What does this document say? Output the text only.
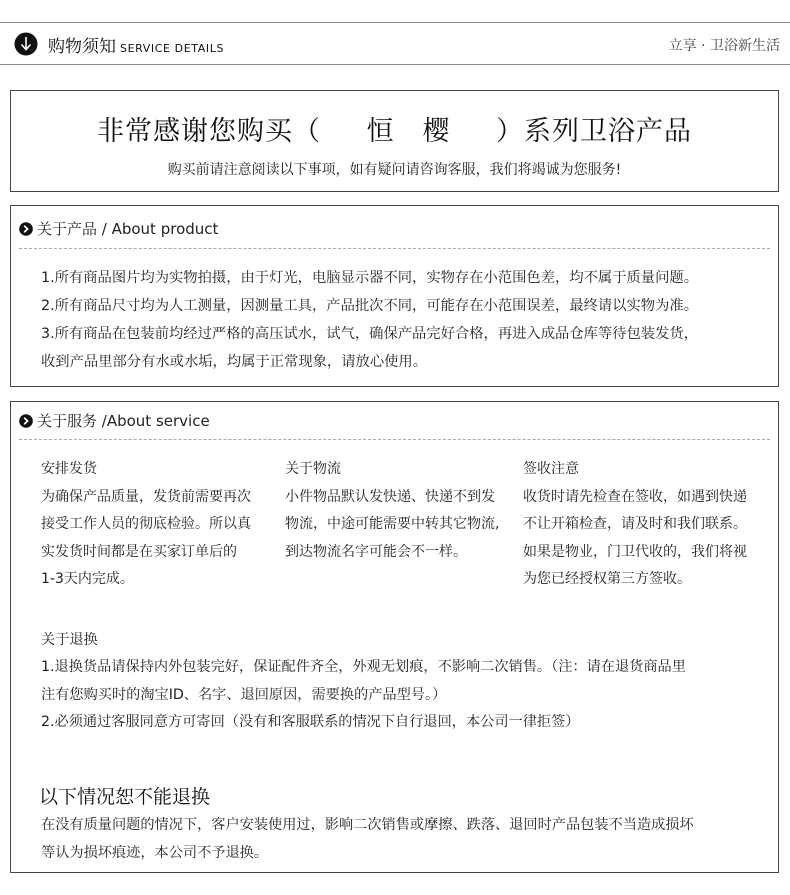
购物须知 SERVICE DETAILS	立享 · 卫浴新生活
非常感谢您购买（ 恒　樱 ）系列卫浴产品
购买前请注意阅读以下事项，如有疑问请咨询客服，我们将竭诚为您服务!
关于产品 / About product
1.所有商品图片均为实物拍摄，由于灯光，电脑显示器不同，实物存在小范围色差，均不属于质量问题。
2.所有商品尺寸均为人工测量，因测量工具，产品批次不同，可能存在小范围误差，最终请以实物为准。
3.所有商品在包装前均经过严格的高压试水，试气，确保产品完好合格，再进入成品仓库等待包装发货，
收到产品里部分有水或水垢，均属于正常现象，请放心使用。
关于服务 /About service
安排发货
为确保产品质量，发货前需要再次
接受工作人员的彻底检验。所以真
实发货时间都是在买家订单后的
1-3天内完成。
关于物流
小件物品默认发快递、快递不到发
物流，中途可能需要中转其它物流,
到达物流名字可能会不一样。
签收注意
收货时请先检查在签收，如遇到快递
不让开箱检查，请及时和我们联系。
如果是物业，门卫代收的，我们将视
为您已经授权第三方签收。
关于退换
1.退换货品请保持内外包装完好，保证配件齐全，外观无划痕，不影响二次销售。（注：请在退货商品里
注有您购买时的淘宝ID、名字、退回原因，需要换的产品型号。）
2.必须通过客服同意方可寄回（没有和客服联系的情况下自行退回，本公司一律拒签）
以下情况恕不能退换
在没有质量问题的情况下，客户安装使用过，影响二次销售或摩擦、跌落、退回时产品包装不当造成损坏
等认为损坏痕迹，本公司不予退换。
